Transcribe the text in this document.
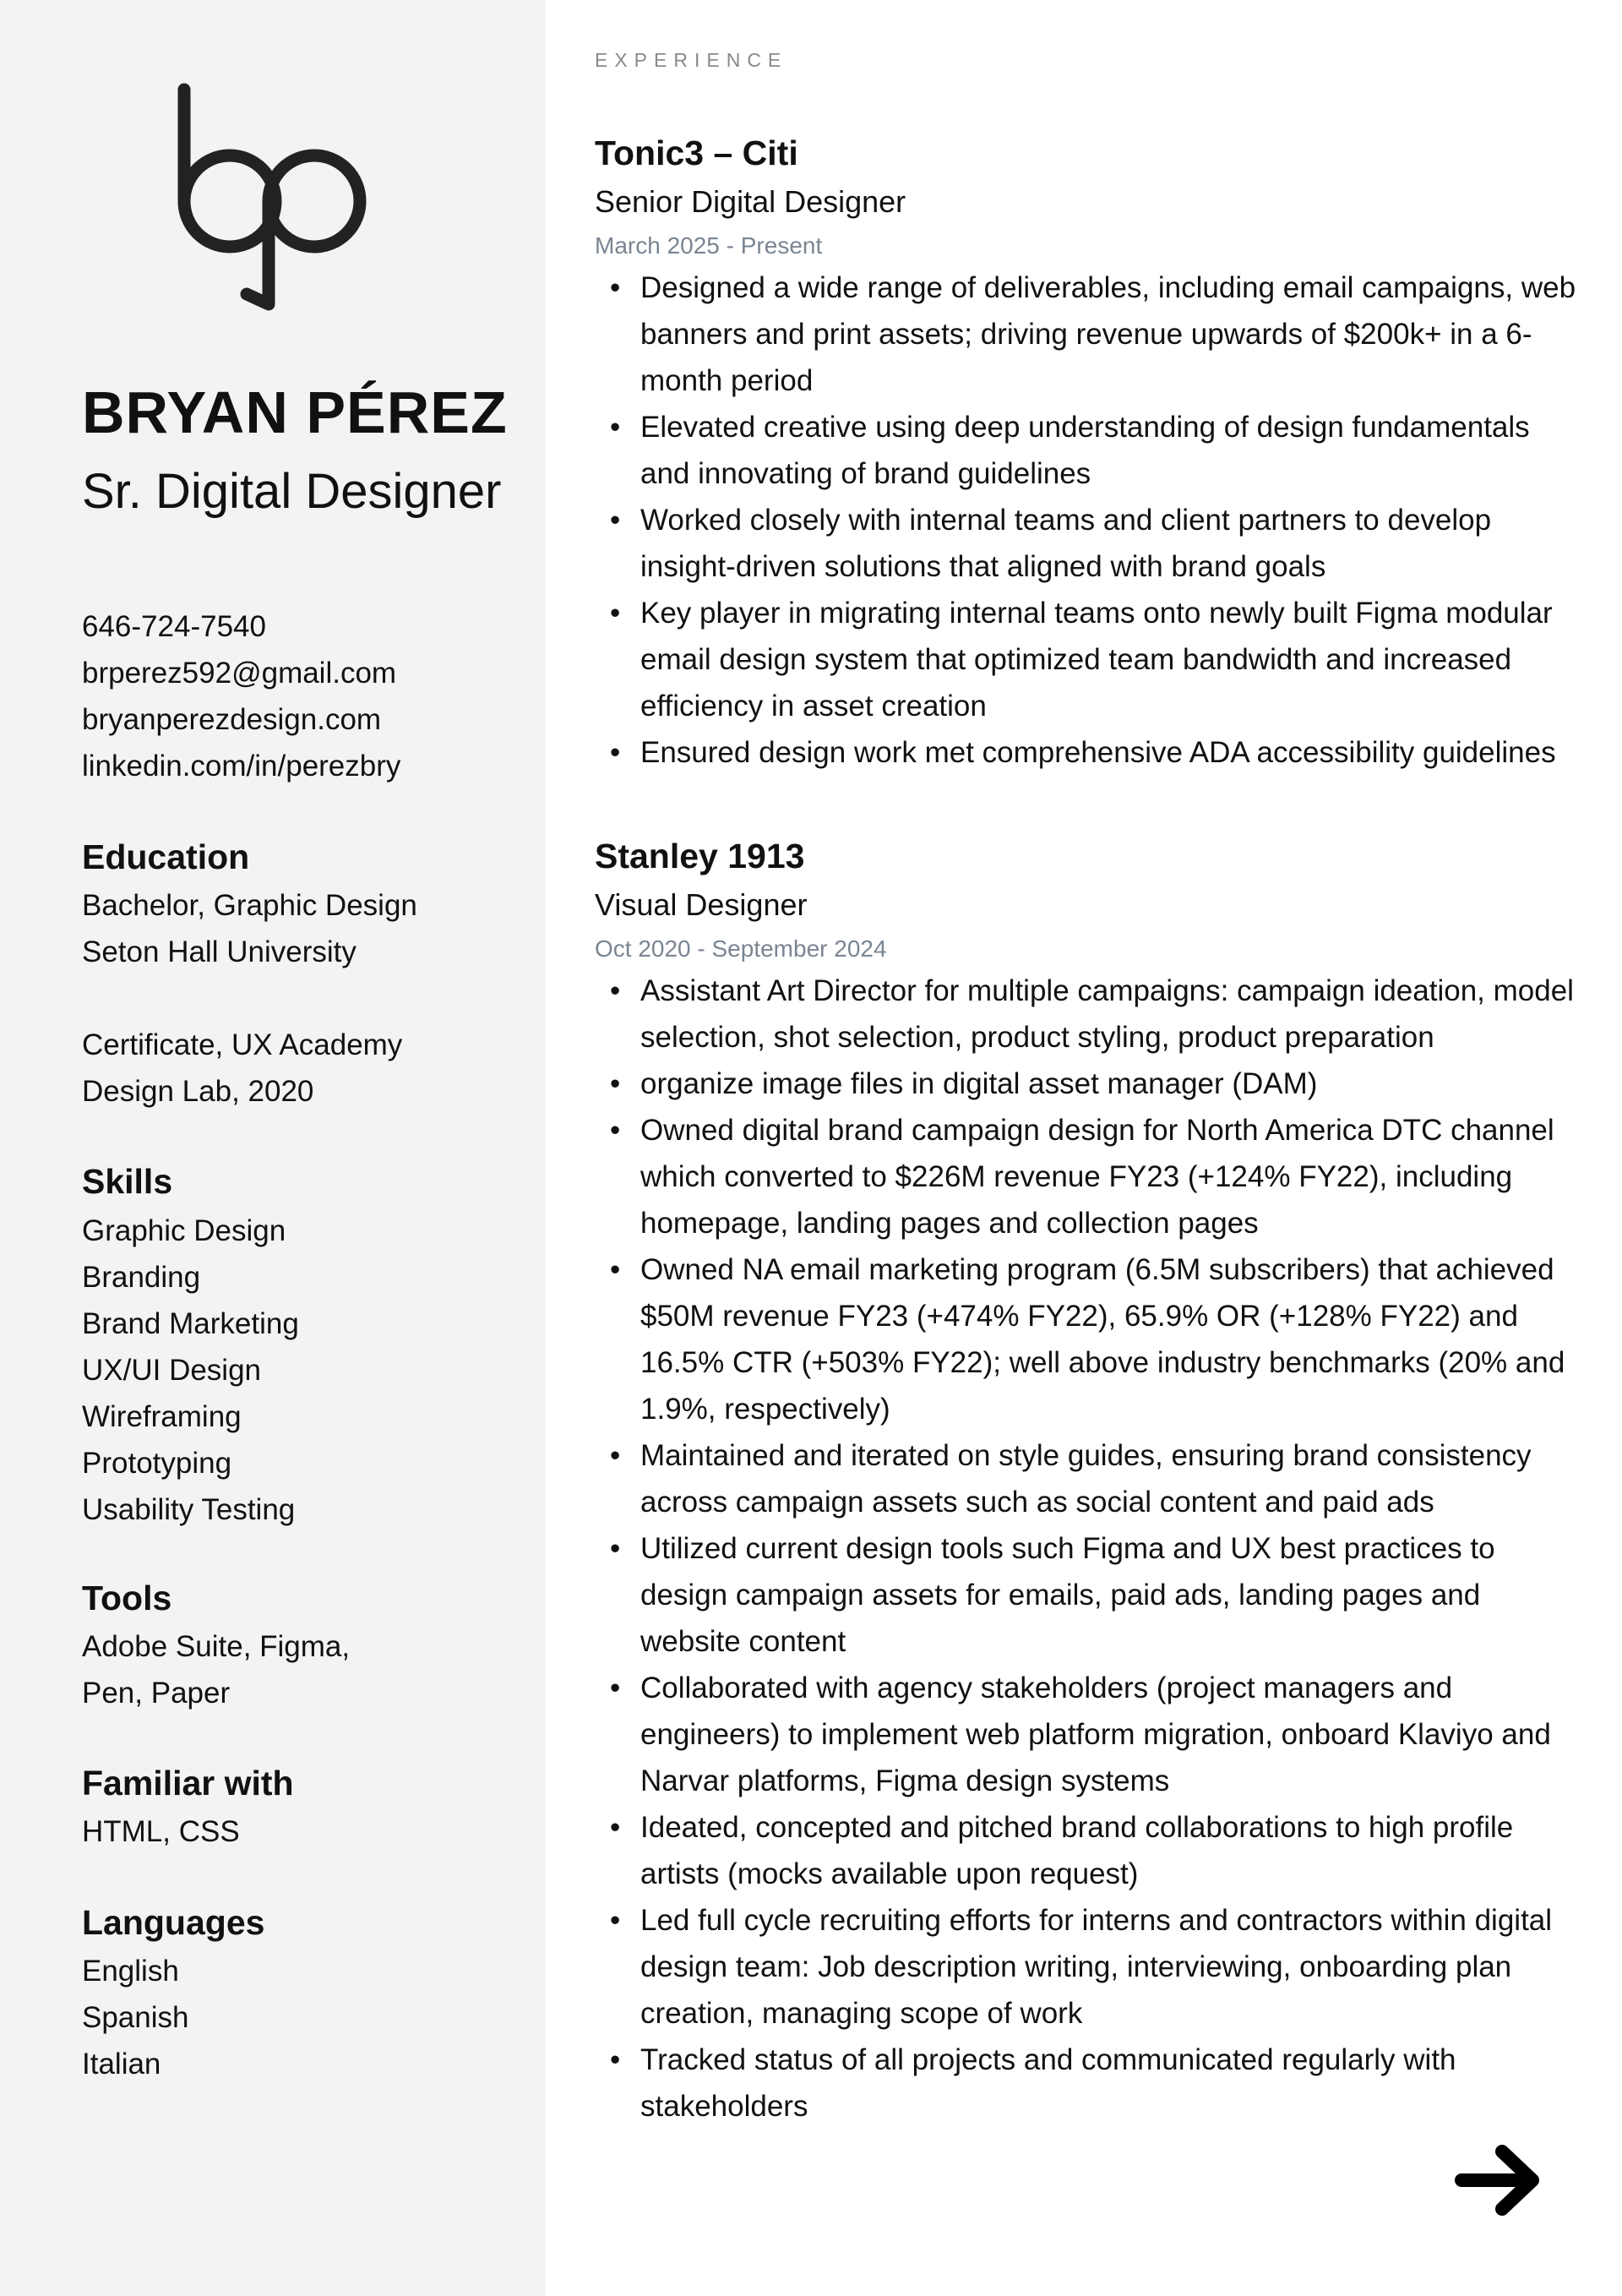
BRYAN PÉREZ
Sr. Digital Designer
646-724-7540
brperez592@gmail.com
bryanperezdesign.com
linkedin.com/in/perezbry
Education
Bachelor, Graphic Design
Seton Hall University
Certificate, UX Academy
Design Lab, 2020
Skills
Graphic Design
Branding
Brand Marketing
UX/UI Design
Wireframing
Prototyping
Usability Testing
Tools
Adobe Suite, Figma,
Pen, Paper
Familiar with
HTML, CSS
Languages
English
Spanish
Italian
EXPERIENCE
Tonic3 – Citi
Senior Digital Designer
March 2025 - Present
• Designed a wide range of deliverables, including email campaigns, web banners and print assets; driving revenue upwards of $200k+ in a 6-month period
• Elevated creative using deep understanding of design fundamentals and innovating of brand guidelines
• Worked closely with internal teams and client partners to develop insight-driven solutions that aligned with brand goals
• Key player in migrating internal teams onto newly built Figma modular email design system that optimized team bandwidth and increased efficiency in asset creation
• Ensured design work met comprehensive ADA accessibility guidelines
Stanley 1913
Visual Designer
Oct 2020 - September 2024
• Assistant Art Director for multiple campaigns: campaign ideation, model selection, shot selection, product styling, product preparation
• organize image files in digital asset manager (DAM)
• Owned digital brand campaign design for North America DTC channel which converted to $226M revenue FY23 (+124% FY22), including homepage, landing pages and collection pages
• Owned NA email marketing program (6.5M subscribers) that achieved $50M revenue FY23 (+474% FY22), 65.9% OR (+128% FY22) and 16.5% CTR (+503% FY22); well above industry benchmarks (20% and 1.9%, respectively)
• Maintained and iterated on style guides, ensuring brand consistency across campaign assets such as social content and paid ads
• Utilized current design tools such Figma and UX best practices to design campaign assets for emails, paid ads, landing pages and website content
• Collaborated with agency stakeholders (project managers and engineers) to implement web platform migration, onboard Klaviyo and Narvar platforms, Figma design systems
• Ideated, concepted and pitched brand collaborations to high profile artists (mocks available upon request)
• Led full cycle recruiting efforts for interns and contractors within digital design team: Job description writing, interviewing, onboarding plan creation, managing scope of work
• Tracked status of all projects and communicated regularly with stakeholders
